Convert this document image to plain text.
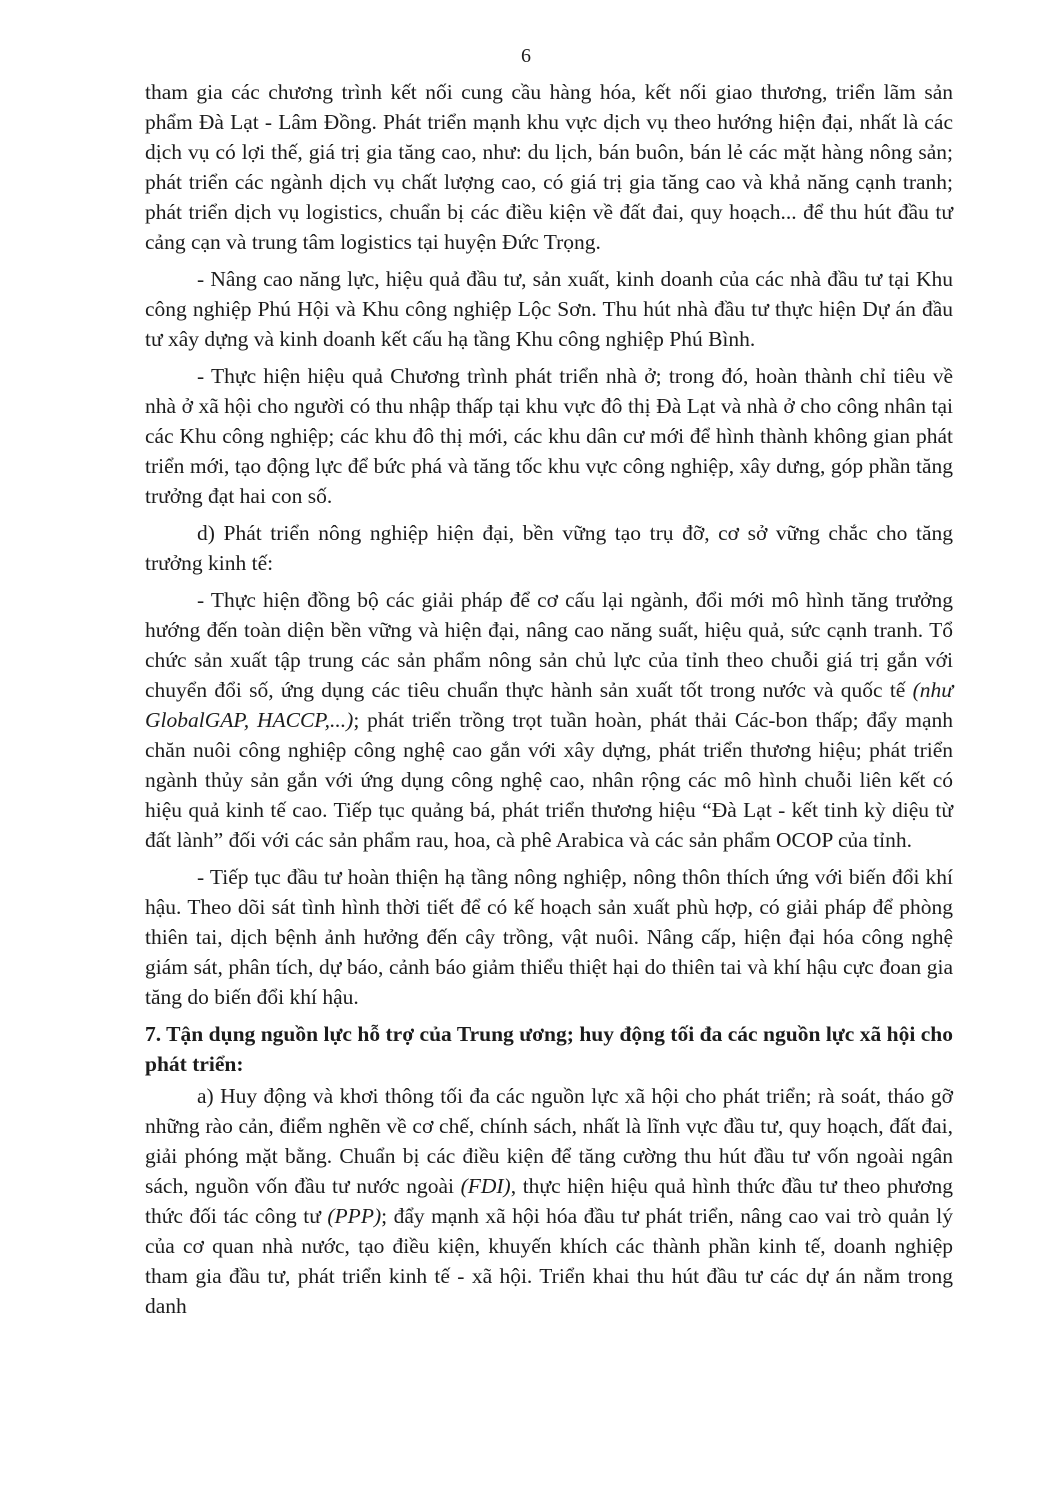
6

tham gia các chương trình kết nối cung cầu hàng hóa, kết nối giao thương, triển lãm sản phẩm Đà Lạt - Lâm Đồng. Phát triển mạnh khu vực dịch vụ theo hướng hiện đại, nhất là các dịch vụ có lợi thế, giá trị gia tăng cao, như: du lịch, bán buôn, bán lẻ các mặt hàng nông sản; phát triển các ngành dịch vụ chất lượng cao, có giá trị gia tăng cao và khả năng cạnh tranh; phát triển dịch vụ logistics, chuẩn bị các điều kiện về đất đai, quy hoạch... để thu hút đầu tư cảng cạn và trung tâm logistics tại huyện Đức Trọng.

- Nâng cao năng lực, hiệu quả đầu tư, sản xuất, kinh doanh của các nhà đầu tư tại Khu công nghiệp Phú Hội và Khu công nghiệp Lộc Sơn. Thu hút nhà đầu tư thực hiện Dự án đầu tư xây dựng và kinh doanh kết cấu hạ tầng Khu công nghiệp Phú Bình.

- Thực hiện hiệu quả Chương trình phát triển nhà ở; trong đó, hoàn thành chỉ tiêu về nhà ở xã hội cho người có thu nhập thấp tại khu vực đô thị Đà Lạt và nhà ở cho công nhân tại các Khu công nghiệp; các khu đô thị mới, các khu dân cư mới để hình thành không gian phát triển mới, tạo động lực để bức phá và tăng tốc khu vực công nghiệp, xây dưng, góp phần tăng trưởng đạt hai con số.

d) Phát triển nông nghiệp hiện đại, bền vững tạo trụ đỡ, cơ sở vững chắc cho tăng trưởng kinh tế:

- Thực hiện đồng bộ các giải pháp để cơ cấu lại ngành, đổi mới mô hình tăng trưởng hướng đến toàn diện bền vững và hiện đại, nâng cao năng suất, hiệu quả, sức cạnh tranh. Tổ chức sản xuất tập trung các sản phẩm nông sản chủ lực của tỉnh theo chuỗi giá trị gắn với chuyển đổi số, ứng dụng các tiêu chuẩn thực hành sản xuất tốt trong nước và quốc tế (như GlobalGAP, HACCP,...); phát triển trồng trọt tuần hoàn, phát thải Các-bon thấp; đẩy mạnh chăn nuôi công nghiệp công nghệ cao gắn với xây dựng, phát triển thương hiệu; phát triển ngành thủy sản gắn với ứng dụng công nghệ cao, nhân rộng các mô hình chuỗi liên kết có hiệu quả kinh tế cao. Tiếp tục quảng bá, phát triển thương hiệu “Đà Lạt - kết tinh kỳ diệu từ đất lành” đối với các sản phẩm rau, hoa, cà phê Arabica và các sản phẩm OCOP của tỉnh.

- Tiếp tục đầu tư hoàn thiện hạ tầng nông nghiệp, nông thôn thích ứng với biến đổi khí hậu. Theo dõi sát tình hình thời tiết để có kế hoạch sản xuất phù hợp, có giải pháp để phòng thiên tai, dịch bệnh ảnh hưởng đến cây trồng, vật nuôi. Nâng cấp, hiện đại hóa công nghệ giám sát, phân tích, dự báo, cảnh báo giảm thiểu thiệt hại do thiên tai và khí hậu cực đoan gia tăng do biến đổi khí hậu.

7. Tận dụng nguồn lực hỗ trợ của Trung ương; huy động tối đa các nguồn lực xã hội cho phát triển:

a) Huy động và khơi thông tối đa các nguồn lực xã hội cho phát triển; rà soát, tháo gỡ những rào cản, điểm nghẽn về cơ chế, chính sách, nhất là lĩnh vực đầu tư, quy hoạch, đất đai, giải phóng mặt bằng. Chuẩn bị các điều kiện để tăng cường thu hút đầu tư vốn ngoài ngân sách, nguồn vốn đầu tư nước ngoài (FDI), thực hiện hiệu quả hình thức đầu tư theo phương thức đối tác công tư (PPP); đẩy mạnh xã hội hóa đầu tư phát triển, nâng cao vai trò quản lý của cơ quan nhà nước, tạo điều kiện, khuyến khích các thành phần kinh tế, doanh nghiệp tham gia đầu tư, phát triển kinh tế - xã hội. Triển khai thu hút đầu tư các dự án nằm trong danh
